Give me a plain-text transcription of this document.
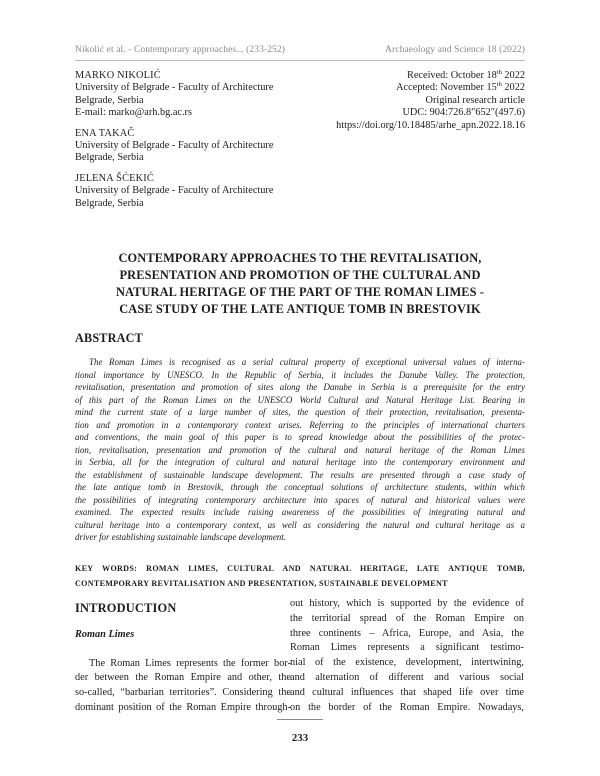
Nikolić et al. - Contemporary approaches... (233-252)	Archaeology and Science 18 (2022)
MARKO NIKOLIĆ
University of Belgrade - Faculty of Architecture
Belgrade, Serbia
E-mail: marko@arh.bg.ac.rs
ENA TAKAČ
University of Belgrade - Faculty of Architecture
Belgrade, Serbia
JELENA ŠĆEKIĆ
University of Belgrade - Faculty of Architecture
Belgrade, Serbia
Received: October 18th 2022
Accepted: November 15th 2022
Original research article
UDC: 904:726.8"652"(497.6)
https://doi.org/10.18485/arhe_apn.2022.18.16
CONTEMPORARY APPROACHES TO THE REVITALISATION,
PRESENTATION AND PROMOTION OF THE CULTURAL AND
NATURAL HERITAGE OF THE PART OF THE ROMAN LIMES -
CASE STUDY OF THE LATE ANTIQUE TOMB IN BRESTOVIK
ABSTRACT
The Roman Limes is recognised as a serial cultural property of exceptional universal values of interna-
tional importance by UNESCO. In the Republic of Serbia, it includes the Danube Valley. The protection,
revitalisation, presentation and promotion of sites along the Danube in Serbia is a prerequisite for the entry
of this part of the Roman Limes on the UNESCO World Cultural and Natural Heritage List. Bearing in
mind the current state of a large number of sites, the question of their protection, revitalisation, presenta-
tion and promotion in a contemporary context arises. Referring to the principles of international charters
and conventions, the main goal of this paper is to spread knowledge about the possibilities of the protec-
tion, revitalisation, presentation and promotion of the cultural and natural heritage of the Roman Limes
in Serbia, all for the integration of cultural and natural heritage into the contemporary environment and
the establishment of sustainable landscape development. The results are presented through a case study of
the late antique tomb in Brestovik, through the conceptual solutions of architecture students, within which
the possibilities of integrating contemporary architecture into spaces of natural and historical values were
examined. The expected results include raising awareness of the possibilities of integrating natural and
cultural heritage into a contemporary context, as well as considering the natural and cultural heritage as a
driver for establishing sustainable landscape development.
KEY WORDS: ROMAN LIMES, CULTURAL AND NATURAL HERITAGE, LATE ANTIQUE TOMB,
CONTEMPORARY REVITALISATION AND PRESENTATION, SUSTAINABLE DEVELOPMENT
INTRODUCTION
Roman Limes
The Roman Limes represents the former bor-
der between the Roman Empire and other, the
so-called, “barbarian territories”. Considering the
dominant position of the Roman Empire through-
out history, which is supported by the evidence of
the territorial spread of the Roman Empire on
three continents – Africa, Europe, and Asia, the
Roman Limes represents a significant testimo-
nial of the existence, development, intertwining,
and alternation of different and various social
and cultural influences that shaped life over time
on the border of the Roman Empire. Nowadays,
233
